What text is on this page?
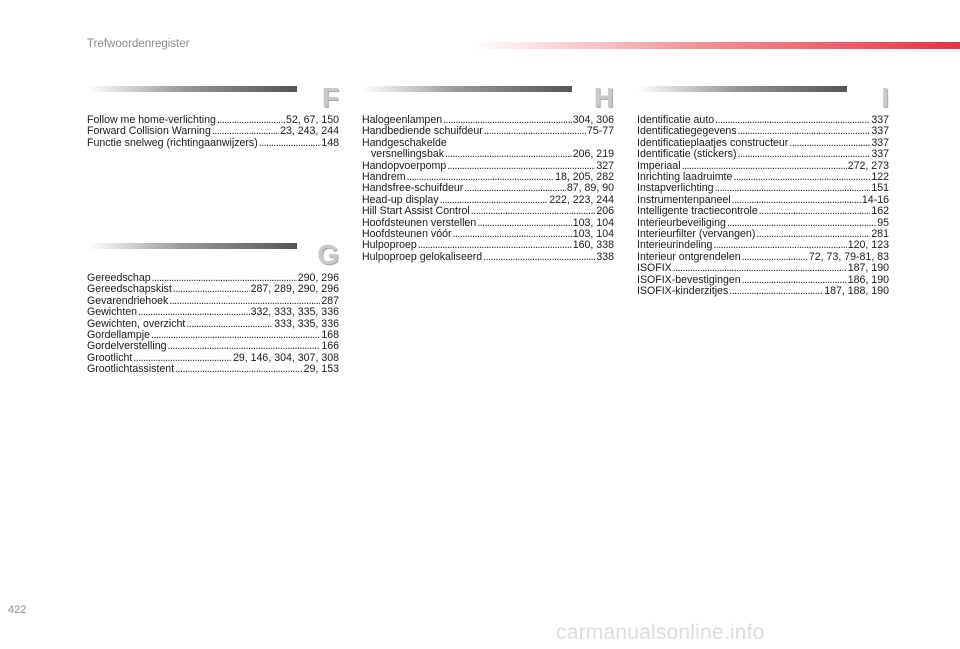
Trefwoordenregister
F
Follow me home-verlichting .....	52, 67, 150
Forward Collision Warning .....	23, 243, 244
Functie snelweg (richtingaanwijzers) .....	148
G
Gereedschap .....	290, 296
Gereedschapskist .....	287, 289, 290, 296
Gevarendriehoek .....	287
Gewichten .....	332, 333, 335, 336
Gewichten, overzicht .....	333, 335, 336
Gordellampje .....	168
Gordelverstelling .....	166
Grootlicht .....	29, 146, 304, 307, 308
Grootlichtassistent .....	29, 153
H
Halogeenlampen .....	304, 306
Handbediende schuifdeur .....	75-77
Handgeschakelde
versnellingsbak .....	206, 219
Handopvoerpomp .....	327
Handrem .....	18, 205, 282
Handsfree-schuifdeur .....	87, 89, 90
Head-up display .....	222, 223, 244
Hill Start Assist Control .....	206
Hoofdsteunen verstellen .....	103, 104
Hoofdsteunen vóór .....	103, 104
Hulpoproep .....	160, 338
Hulpoproep gelokaliseerd .....	338
I
Identificatie auto .....	337
Identificatiegegevens .....	337
Identificatieplaatjes constructeur .....	337
Identificatie (stickers) .....	337
Imperiaal .....	272, 273
Inrichting laadruimte .....	122
Instapverlichting .....	151
Instrumentenpaneel .....	14-16
Intelligente tractiecontrole .....	162
Interieurbeveiliging .....	95
Interieurfilter (vervangen) .....	281
Interieurindeling .....	120, 123
Interieur ontgrendelen .....	72, 73, 79-81, 83
ISOFIX .....	187, 190
ISOFIX-bevestigingen .....	186, 190
ISOFIX-kinderzitjes .....	187, 188, 190
422
carmanualsonline.info
